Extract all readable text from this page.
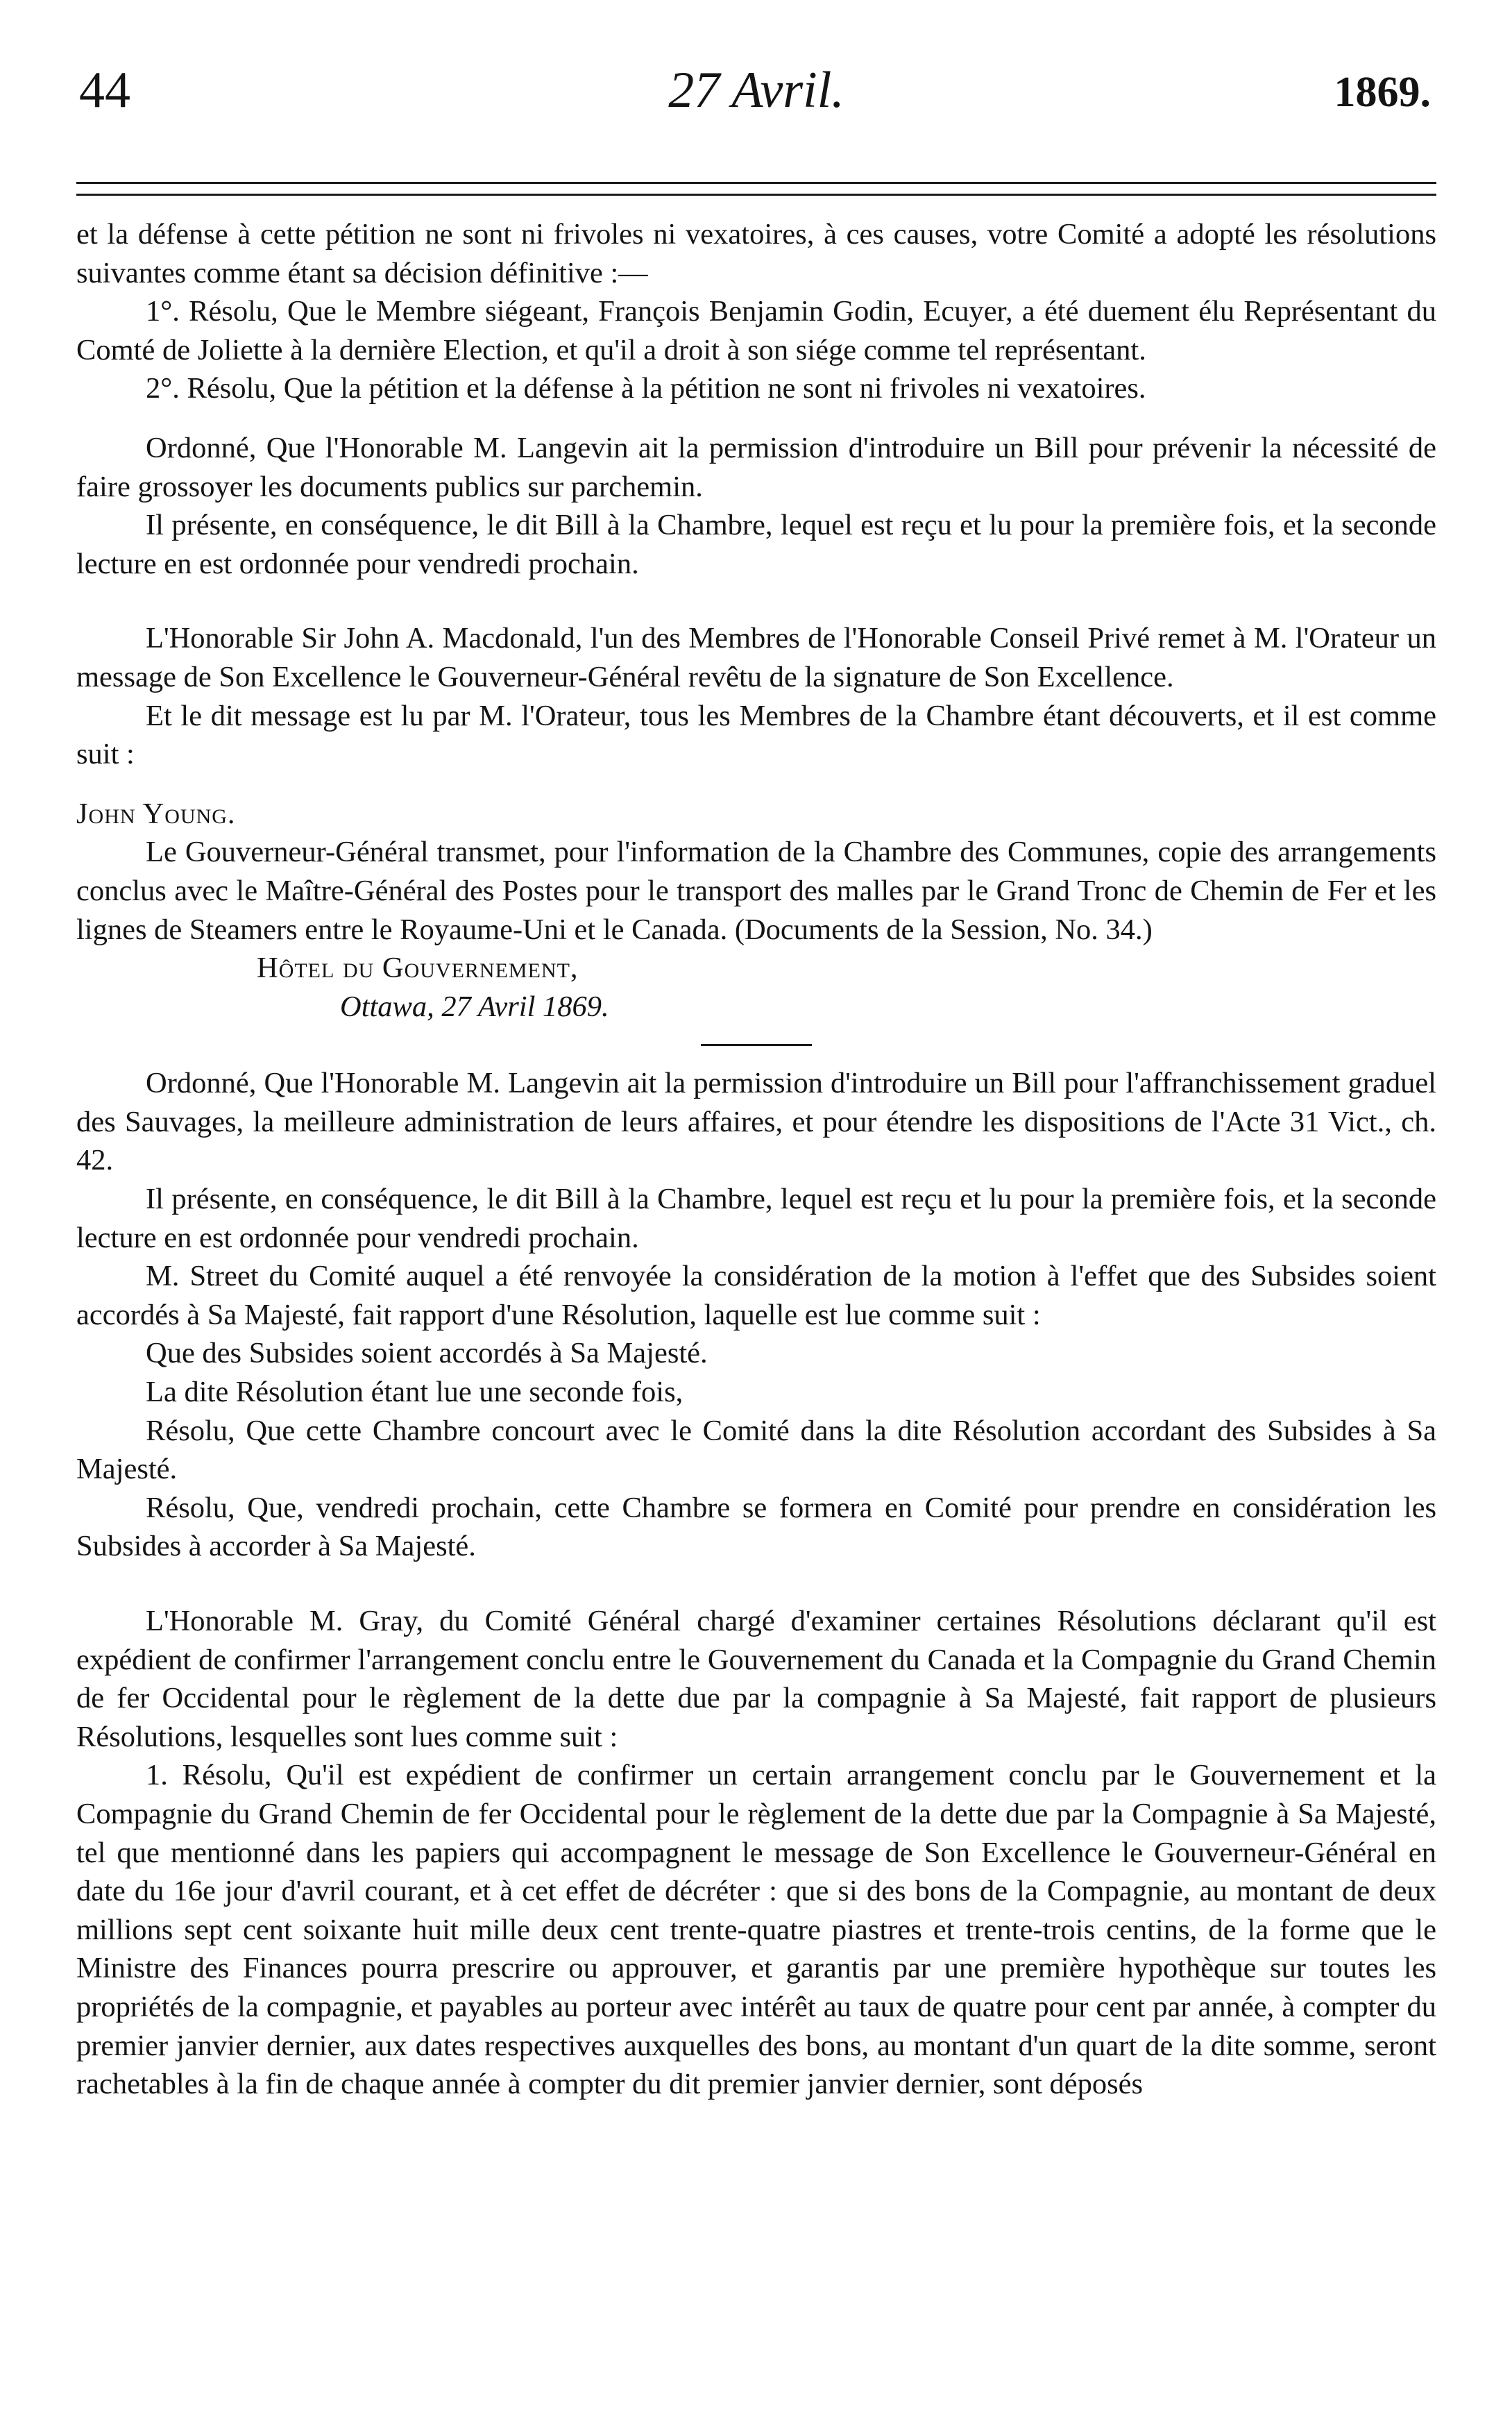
44	27 Avril.	1869.

et la défense à cette pétition ne sont ni frivoles ni vexatoires, à ces causes, votre Comité a adopté les résolutions suivantes comme étant sa décision définitive :—

1°. Résolu, Que le Membre siégeant, François Benjamin Godin, Ecuyer, a été duement élu Représentant du Comté de Joliette à la dernière Election, et qu'il a droit à son siége comme tel représentant.

2°. Résolu, Que la pétition et la défense à la pétition ne sont ni frivoles ni vexatoires.

Ordonné, Que l'Honorable M. Langevin ait la permission d'introduire un Bill pour prévenir la nécessité de faire grossoyer les documents publics sur parchemin.

Il présente, en conséquence, le dit Bill à la Chambre, lequel est reçu et lu pour la première fois, et la seconde lecture en est ordonnée pour vendredi prochain.

L'Honorable Sir John A. Macdonald, l'un des Membres de l'Honorable Conseil Privé remet à M. l'Orateur un message de Son Excellence le Gouverneur-Général revêtu de la signature de Son Excellence.

Et le dit message est lu par M. l'Orateur, tous les Membres de la Chambre étant découverts, et il est comme suit :

John Young.

Le Gouverneur-Général transmet, pour l'information de la Chambre des Communes, copie des arrangements conclus avec le Maître-Général des Postes pour le transport des malles par le Grand Tronc de Chemin de Fer et les lignes de Steamers entre le Royaume-Uni et le Canada. (Documents de la Session, No. 34.)

Hôtel du Gouvernement,

Ottawa, 27 Avril 1869.

Ordonné, Que l'Honorable M. Langevin ait la permission d'introduire un Bill pour l'affranchissement graduel des Sauvages, la meilleure administration de leurs affaires, et pour étendre les dispositions de l'Acte 31 Vict., ch. 42.

Il présente, en conséquence, le dit Bill à la Chambre, lequel est reçu et lu pour la première fois, et la seconde lecture en est ordonnée pour vendredi prochain.

M. Street du Comité auquel a été renvoyée la considération de la motion à l'effet que des Subsides soient accordés à Sa Majesté, fait rapport d'une Résolution, laquelle est lue comme suit :

Que des Subsides soient accordés à Sa Majesté.

La dite Résolution étant lue une seconde fois,

Résolu, Que cette Chambre concourt avec le Comité dans la dite Résolution accordant des Subsides à Sa Majesté.

Résolu, Que, vendredi prochain, cette Chambre se formera en Comité pour prendre en considération les Subsides à accorder à Sa Majesté.

L'Honorable M. Gray, du Comité Général chargé d'examiner certaines Résolutions déclarant qu'il est expédient de confirmer l'arrangement conclu entre le Gouvernement du Canada et la Compagnie du Grand Chemin de fer Occidental pour le règlement de la dette due par la compagnie à Sa Majesté, fait rapport de plusieurs Résolutions, lesquelles sont lues comme suit :

1. Résolu, Qu'il est expédient de confirmer un certain arrangement conclu par le Gouvernement et la Compagnie du Grand Chemin de fer Occidental pour le règlement de la dette due par la Compagnie à Sa Majesté, tel que mentionné dans les papiers qui accompagnent le message de Son Excellence le Gouverneur-Général en date du 16e jour d'avril courant, et à cet effet de décréter : que si des bons de la Compagnie, au montant de deux millions sept cent soixante huit mille deux cent trente-quatre piastres et trente-trois centins, de la forme que le Ministre des Finances pourra prescrire ou approuver, et garantis par une première hypothèque sur toutes les propriétés de la compagnie, et payables au porteur avec intérêt au taux de quatre pour cent par année, à compter du premier janvier dernier, aux dates respectives auxquelles des bons, au montant d'un quart de la dite somme, seront rachetables à la fin de chaque année à compter du dit premier janvier dernier, sont déposés
